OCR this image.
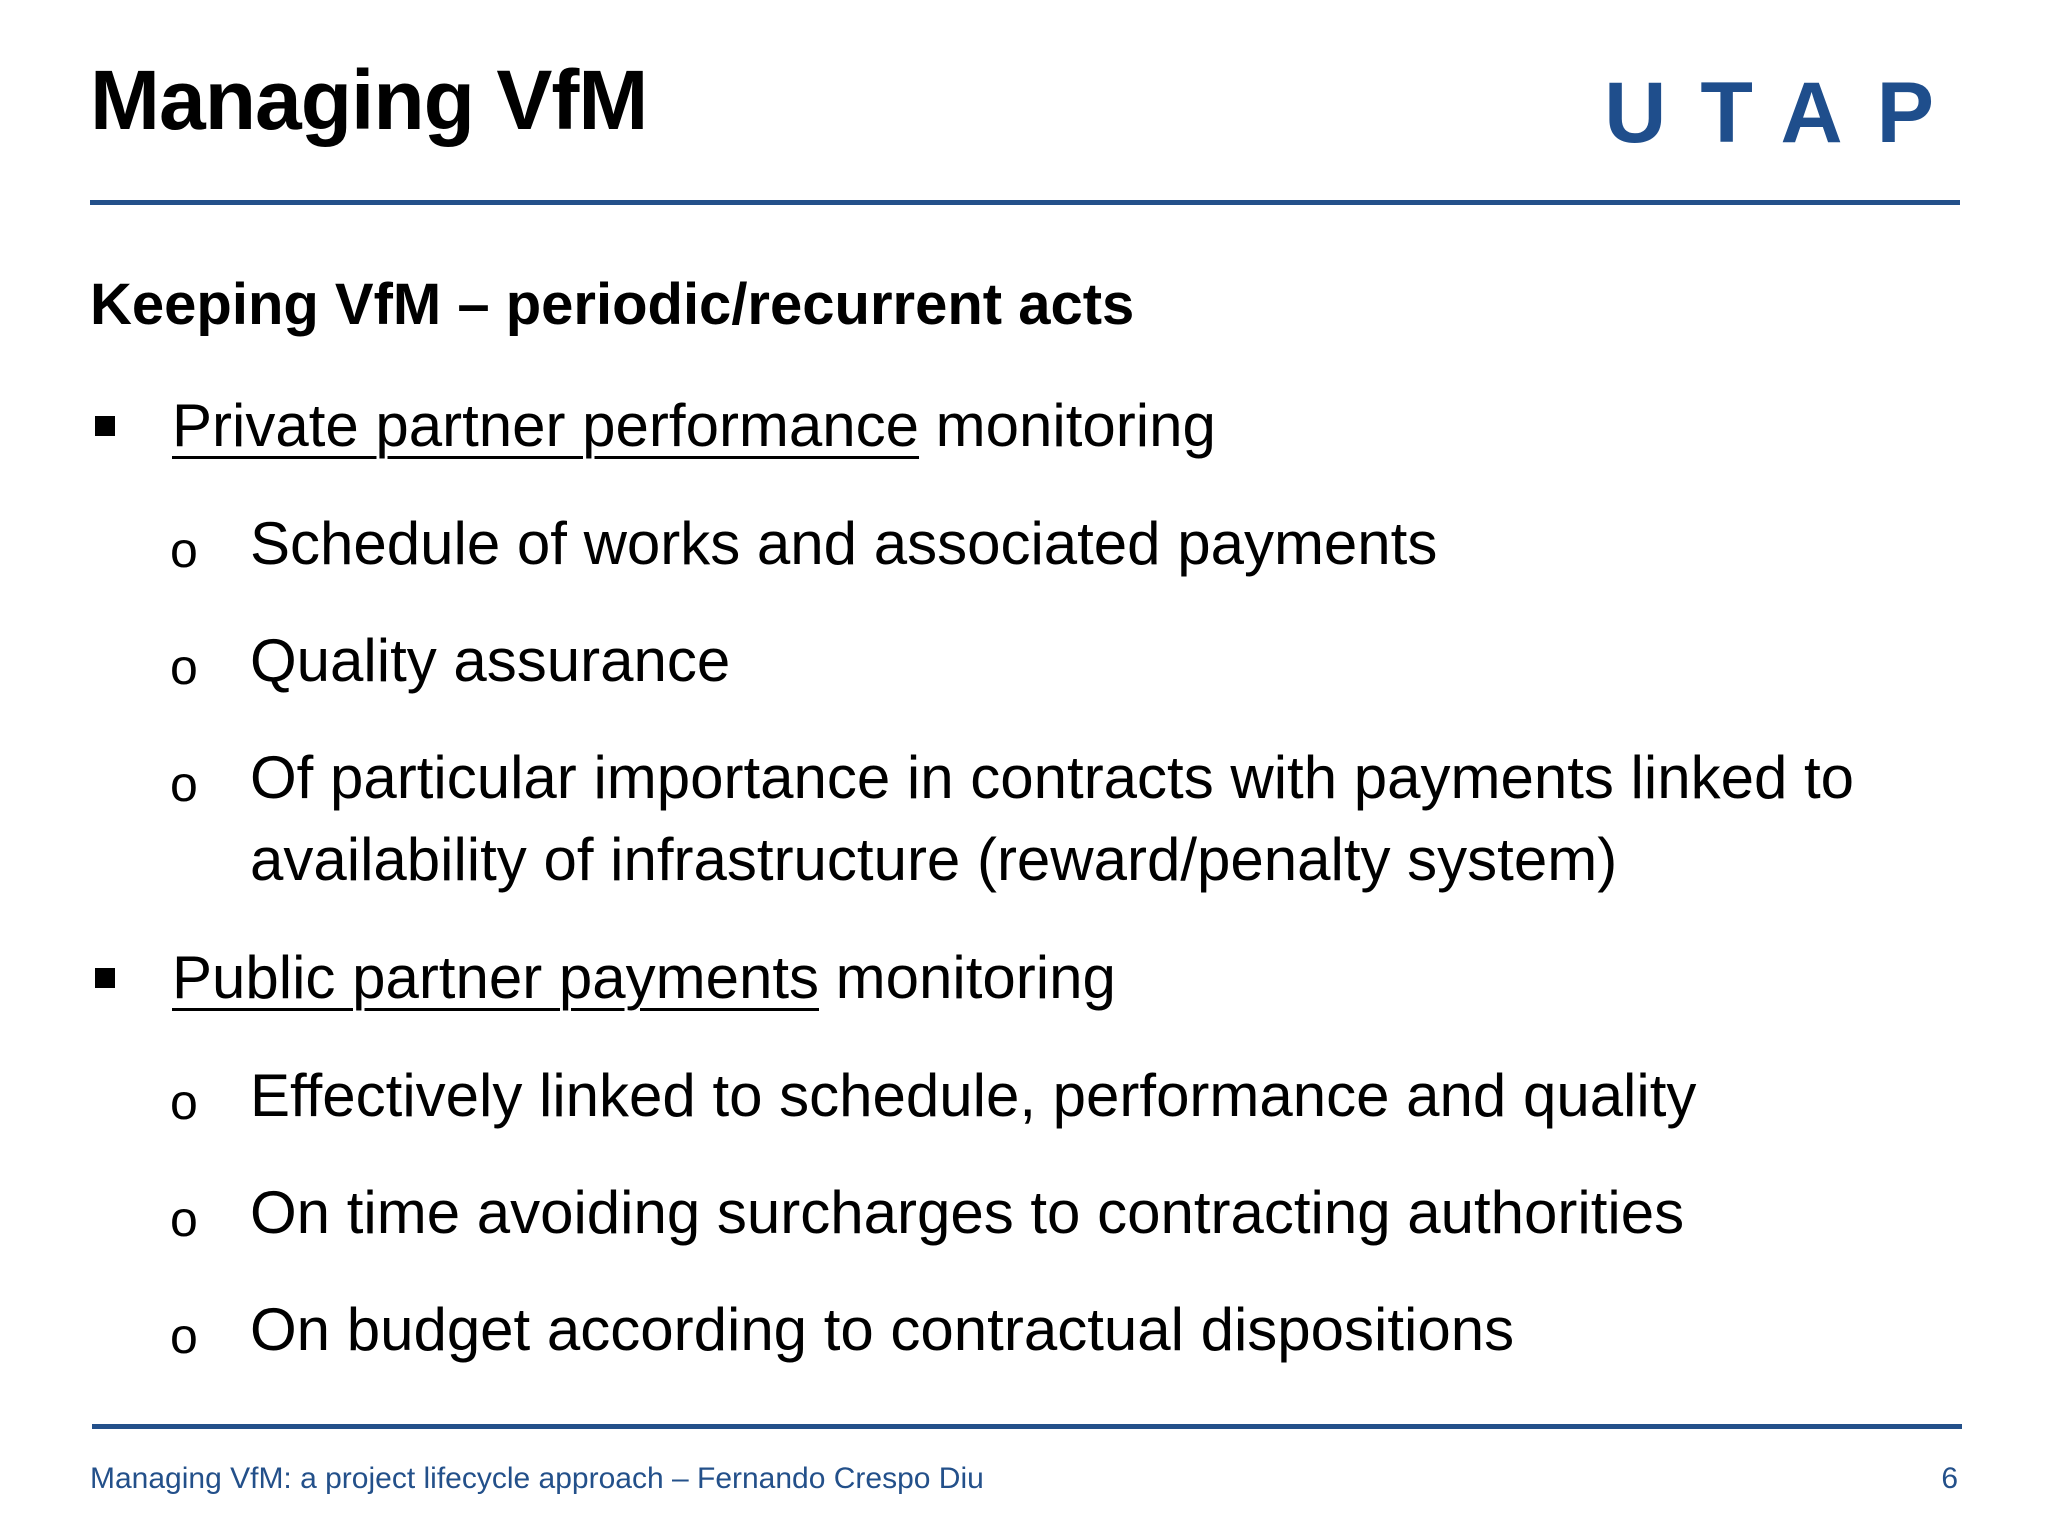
Managing VfM	UTAP
Keeping VfM – periodic/recurrent acts
Private partner performance monitoring
o Schedule of works and associated payments
o Quality assurance
o Of particular importance in contracts with payments linked to availability of infrastructure (reward/penalty system)
Public partner payments monitoring
o Effectively linked to schedule, performance and quality
o On time avoiding surcharges to contracting authorities
o On budget according to contractual dispositions
Managing VfM: a project lifecycle approach – Fernando Crespo Diu	6
